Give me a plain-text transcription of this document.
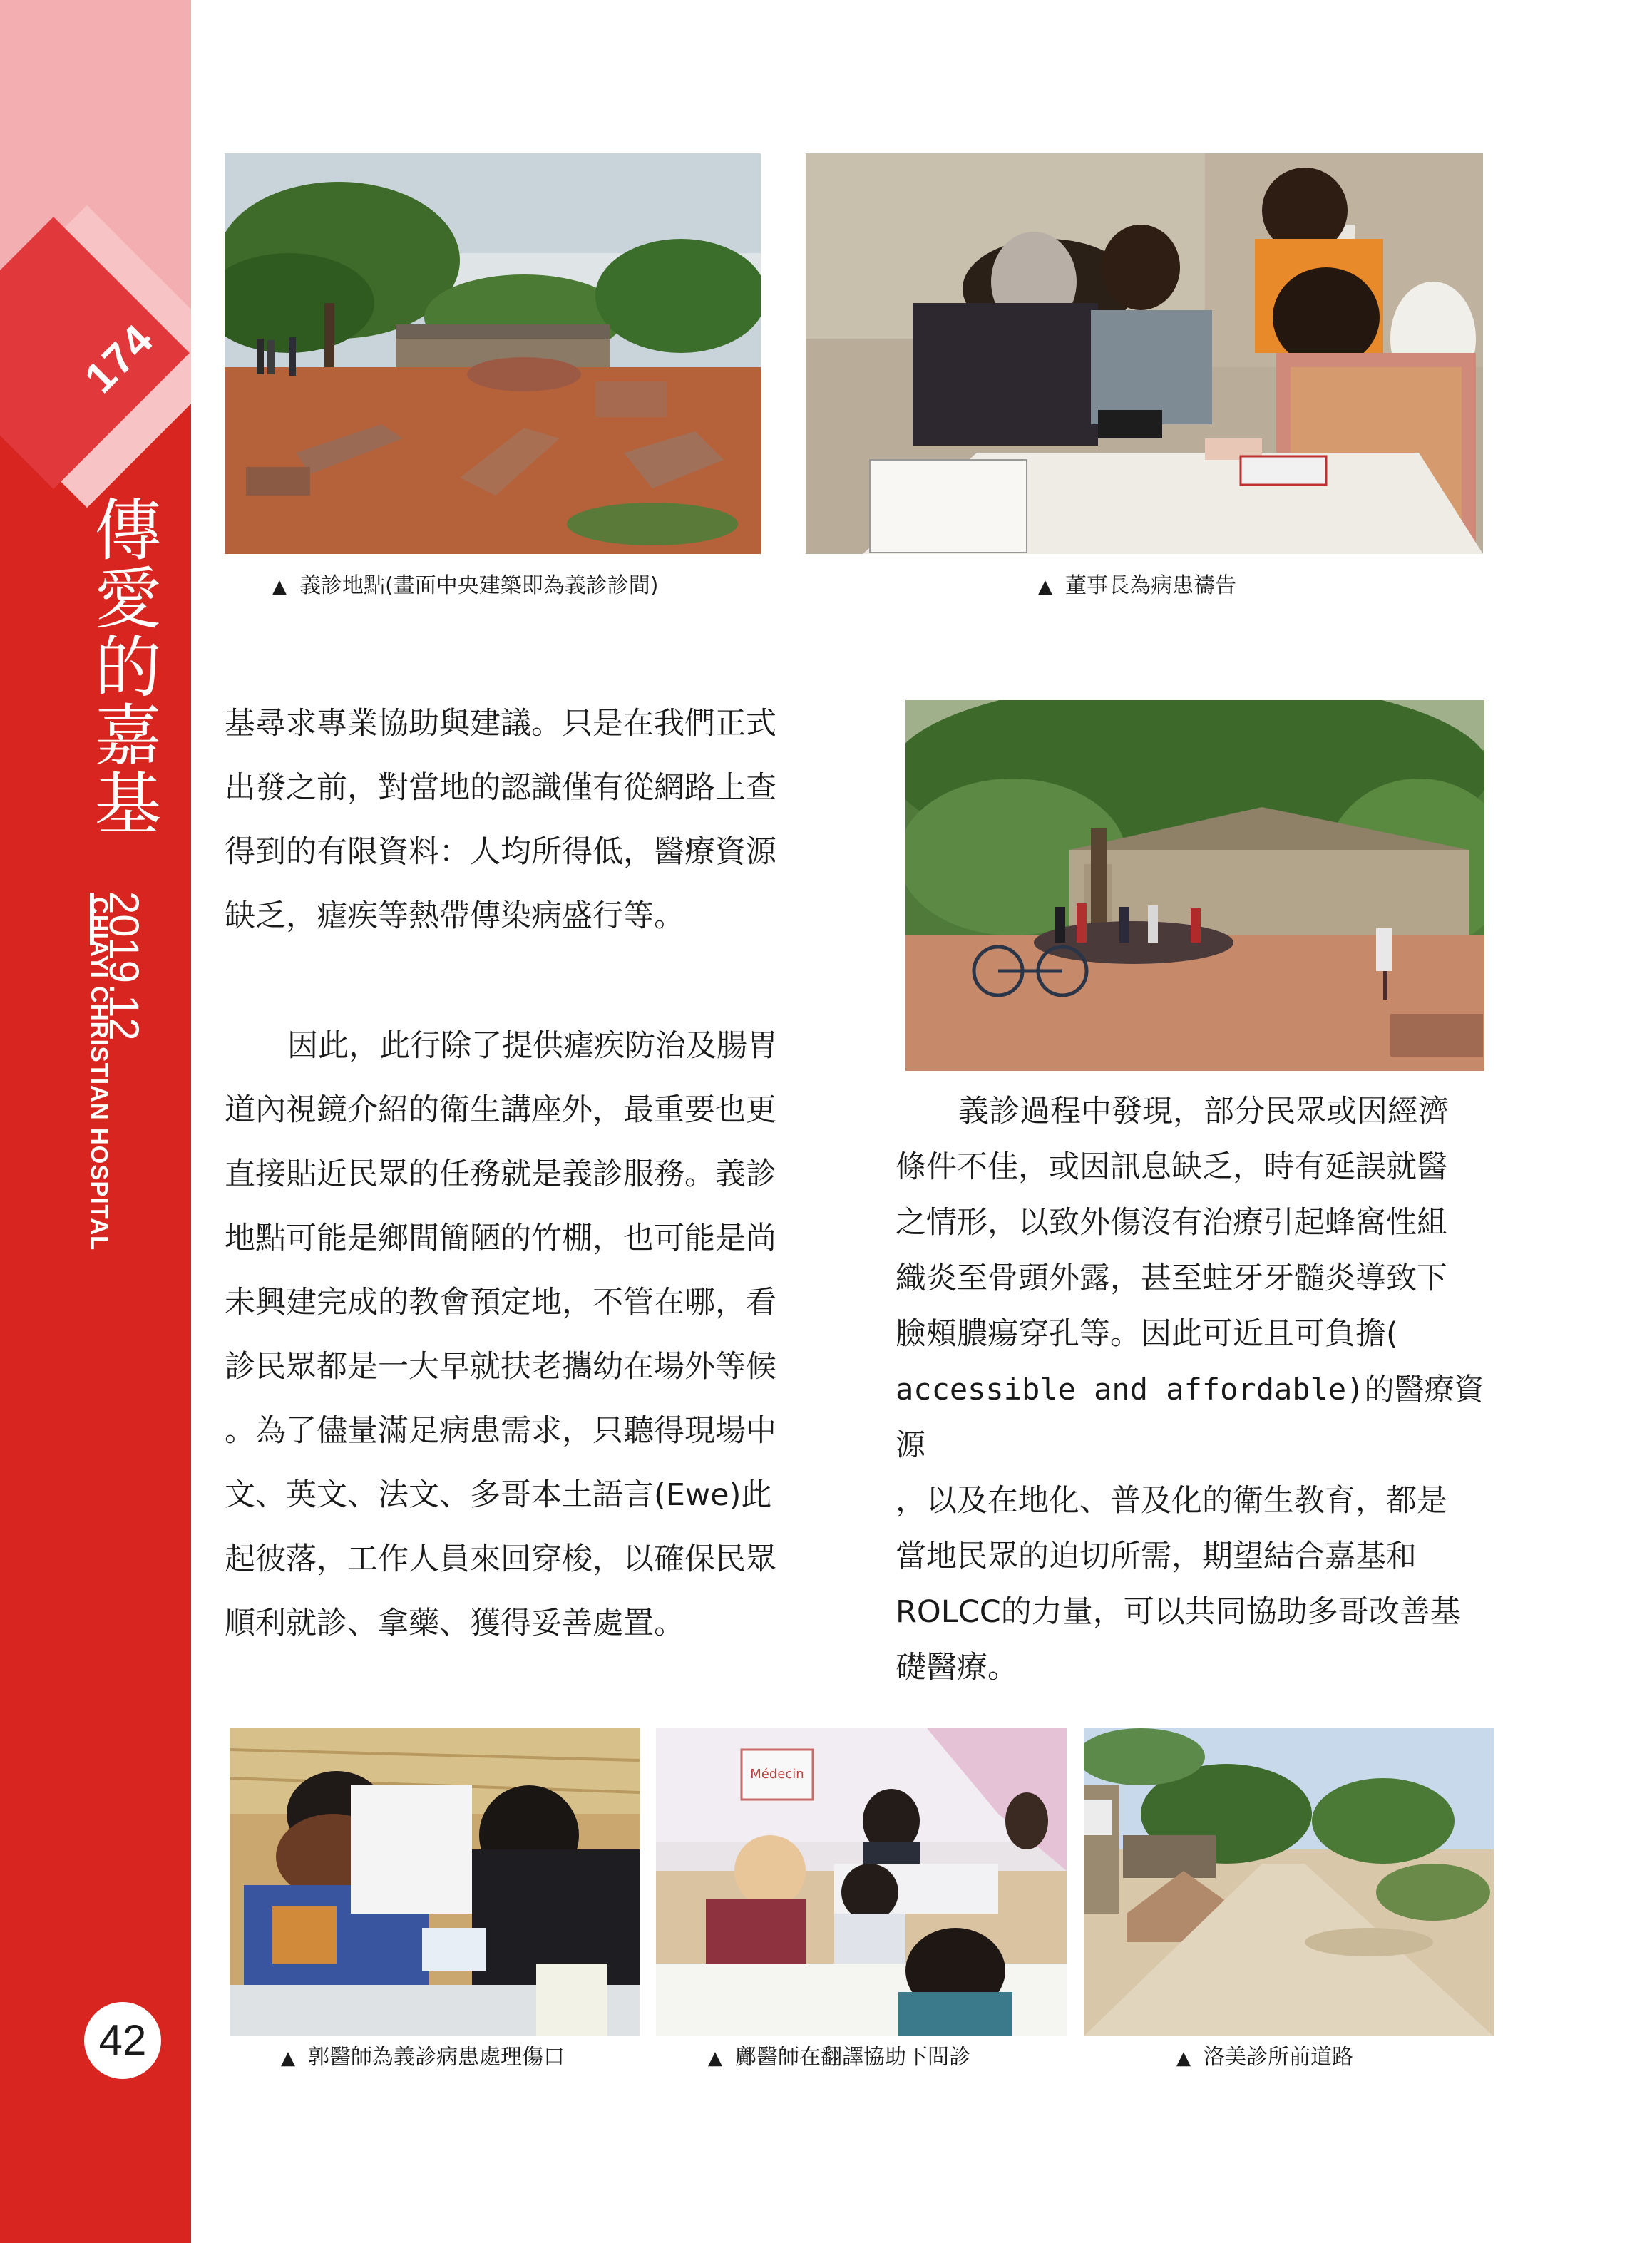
174
傳愛的嘉基
2019.12
CHIAYI CHRISTIAN HOSPITAL
42
▲ 義診地點(畫面中央建築即為義診診間)	▲ 董事長為病患禱告

基尋求專業協助與建議。只是在我們正式

出發之前，對當地的認識僅有從網路上查

得到的有限資料：人均所得低，醫療資源

缺乏，瘧疾等熱帶傳染病盛行等。

因此，此行除了提供瘧疾防治及腸胃

道內視鏡介紹的衛生講座外，最重要也更

直接貼近民眾的任務就是義診服務。義診

地點可能是鄉間簡陋的竹棚，也可能是尚

未興建完成的教會預定地，不管在哪，看

診民眾都是一大早就扶老攜幼在場外等候

。為了儘量滿足病患需求，只聽得現場中

文、英文、法文、多哥本土語言(Ewe)此

起彼落，工作人員來回穿梭，以確保民眾

順利就診、拿藥、獲得妥善處置。

義診過程中發現，部分民眾或因經濟

條件不佳，或因訊息缺乏，時有延誤就醫

之情形，以致外傷沒有治療引起蜂窩性組

織炎至骨頭外露，甚至蛀牙牙髓炎導致下

臉頰膿瘍穿孔等。因此可近且可負擔(

accessible and affordable)的醫療資源

，以及在地化、普及化的衛生教育，都是

當地民眾的迫切所需，期望結合嘉基和

ROLCC的力量，可以共同協助多哥改善基

礎醫療。

▲ 郭醫師為義診病患處理傷口
Médecin
▲ 鄺醫師在翻譯協助下問診	▲ 洛美診所前道路
